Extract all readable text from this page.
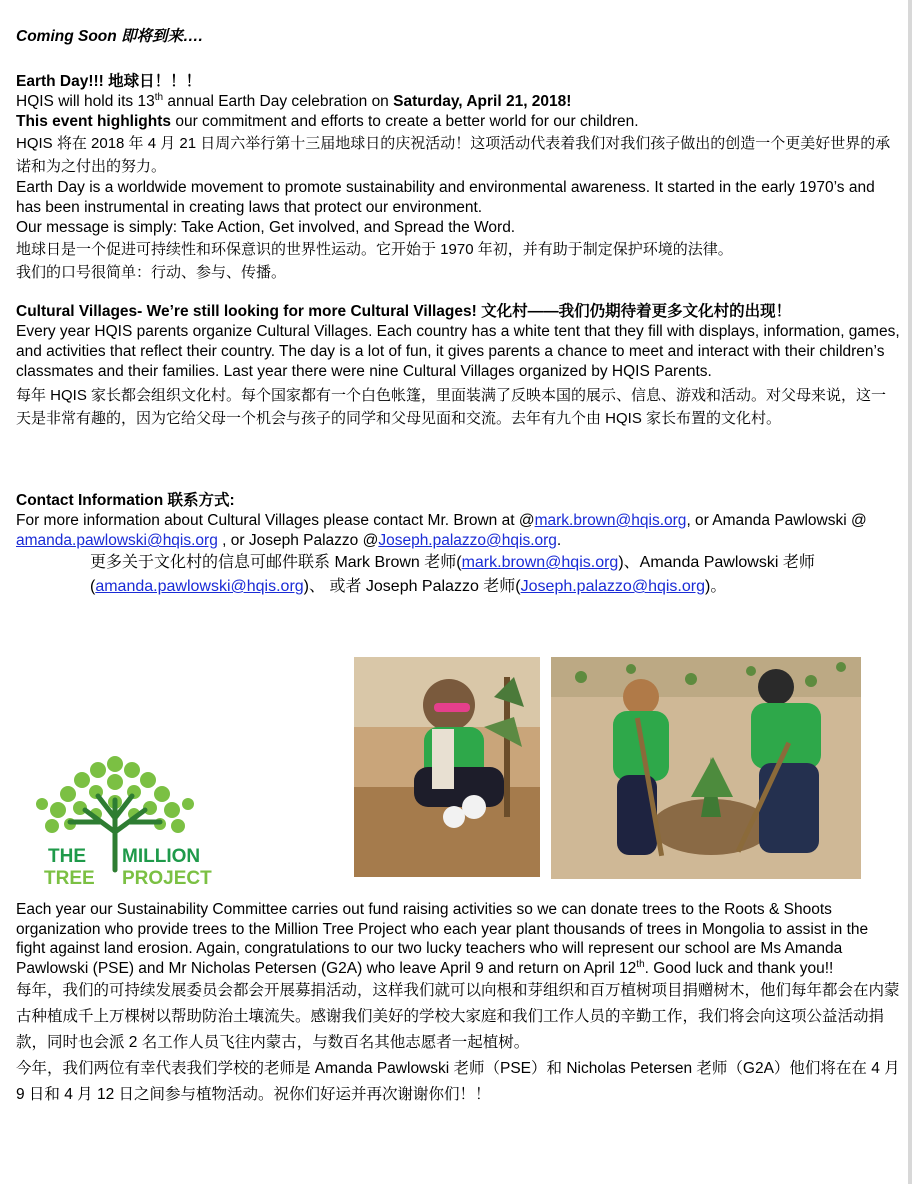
Coming Soon 即将到来….

Earth Day!!! 地球日！！！

HQIS will hold its 13th annual Earth Day celebration on Saturday, April 21, 2018!

This event highlights our commitment and efforts to create a better world for our children.

HQIS 将在 2018 年 4 月 21 日周六举行第十三届地球日的庆祝活动！这项活动代表着我们对我们孩子做出的创造一个更美好世界的承诺和为之付出的努力。

Earth Day is a worldwide movement to promote sustainability and environmental awareness. It started in the early 1970’s and has been instrumental in creating laws that protect our environment.

Our message is simply: Take Action, Get involved, and Spread the Word.

地球日是一个促进可持续性和环保意识的世界性运动。它开始于 1970 年初，并有助于制定保护环境的法律。

我们的口号很简单：行动、参与、传播。

Cultural Villages- We’re still looking for more Cultural Villages! 文化村——我们仍期待着更多文化村的出现！

Every year HQIS parents organize Cultural Villages. Each country has a white tent that they fill with displays, information, games, and activities that reflect their country. The day is a lot of fun, it gives parents a chance to meet and interact with their children’s classmates and their families. Last year there were nine Cultural Villages organized by HQIS Parents.

每年 HQIS 家长都会组织文化村。每个国家都有一个白色帐篷，里面装满了反映本国的展示、信息、游戏和活动。对父母来说，这一天是非常有趣的，因为它给父母一个机会与孩子的同学和父母见面和交流。去年有九个由 HQIS 家长布置的文化村。

Contact Information 联系方式:

For more information about Cultural Villages please contact Mr. Brown at @mark.brown@hqis.org, or Amanda Pawlowski @ amanda.pawlowski@hqis.org , or Joseph Palazzo @Joseph.palazzo@hqis.org.

更多关于文化村的信息可邮件联系 Mark Brown 老师(mark.brown@hqis.org)、Amanda Pawlowski 老师(amanda.pawlowski@hqis.org)、 或者 Joseph Palazzo 老师(Joseph.palazzo@hqis.org)。

THE MILLION
TREE PROJECT

Each year our Sustainability Committee carries out fund raising activities so we can donate trees to the Roots & Shoots organization who provide trees to the Million Tree Project who each year plant thousands of trees in Mongolia to assist in the fight against land erosion. Again, congratulations to our two lucky teachers who will represent our school are Ms Amanda Pawlowski (PSE) and Mr Nicholas Petersen (G2A) who leave April 9 and return on April 12th. Good luck and thank you!!

每年，我们的可持续发展委员会都会开展募捐活动，这样我们就可以向根和芽组织和百万植树项目捐赠树木，他们每年都会在内蒙古种植成千上万棵树以帮助防治土壤流失。感谢我们美好的学校大家庭和我们工作人员的辛勤工作，我们将会向这项公益活动捐款，同时也会派 2 名工作人员飞往内蒙古，与数百名其他志愿者一起植树。

今年，我们两位有幸代表我们学校的老师是 Amanda Pawlowski 老师（PSE）和 Nicholas Petersen 老师（G2A）他们将在在 4 月 9 日和 4 月 12 日之间参与植物活动。祝你们好运并再次谢谢你们！！
